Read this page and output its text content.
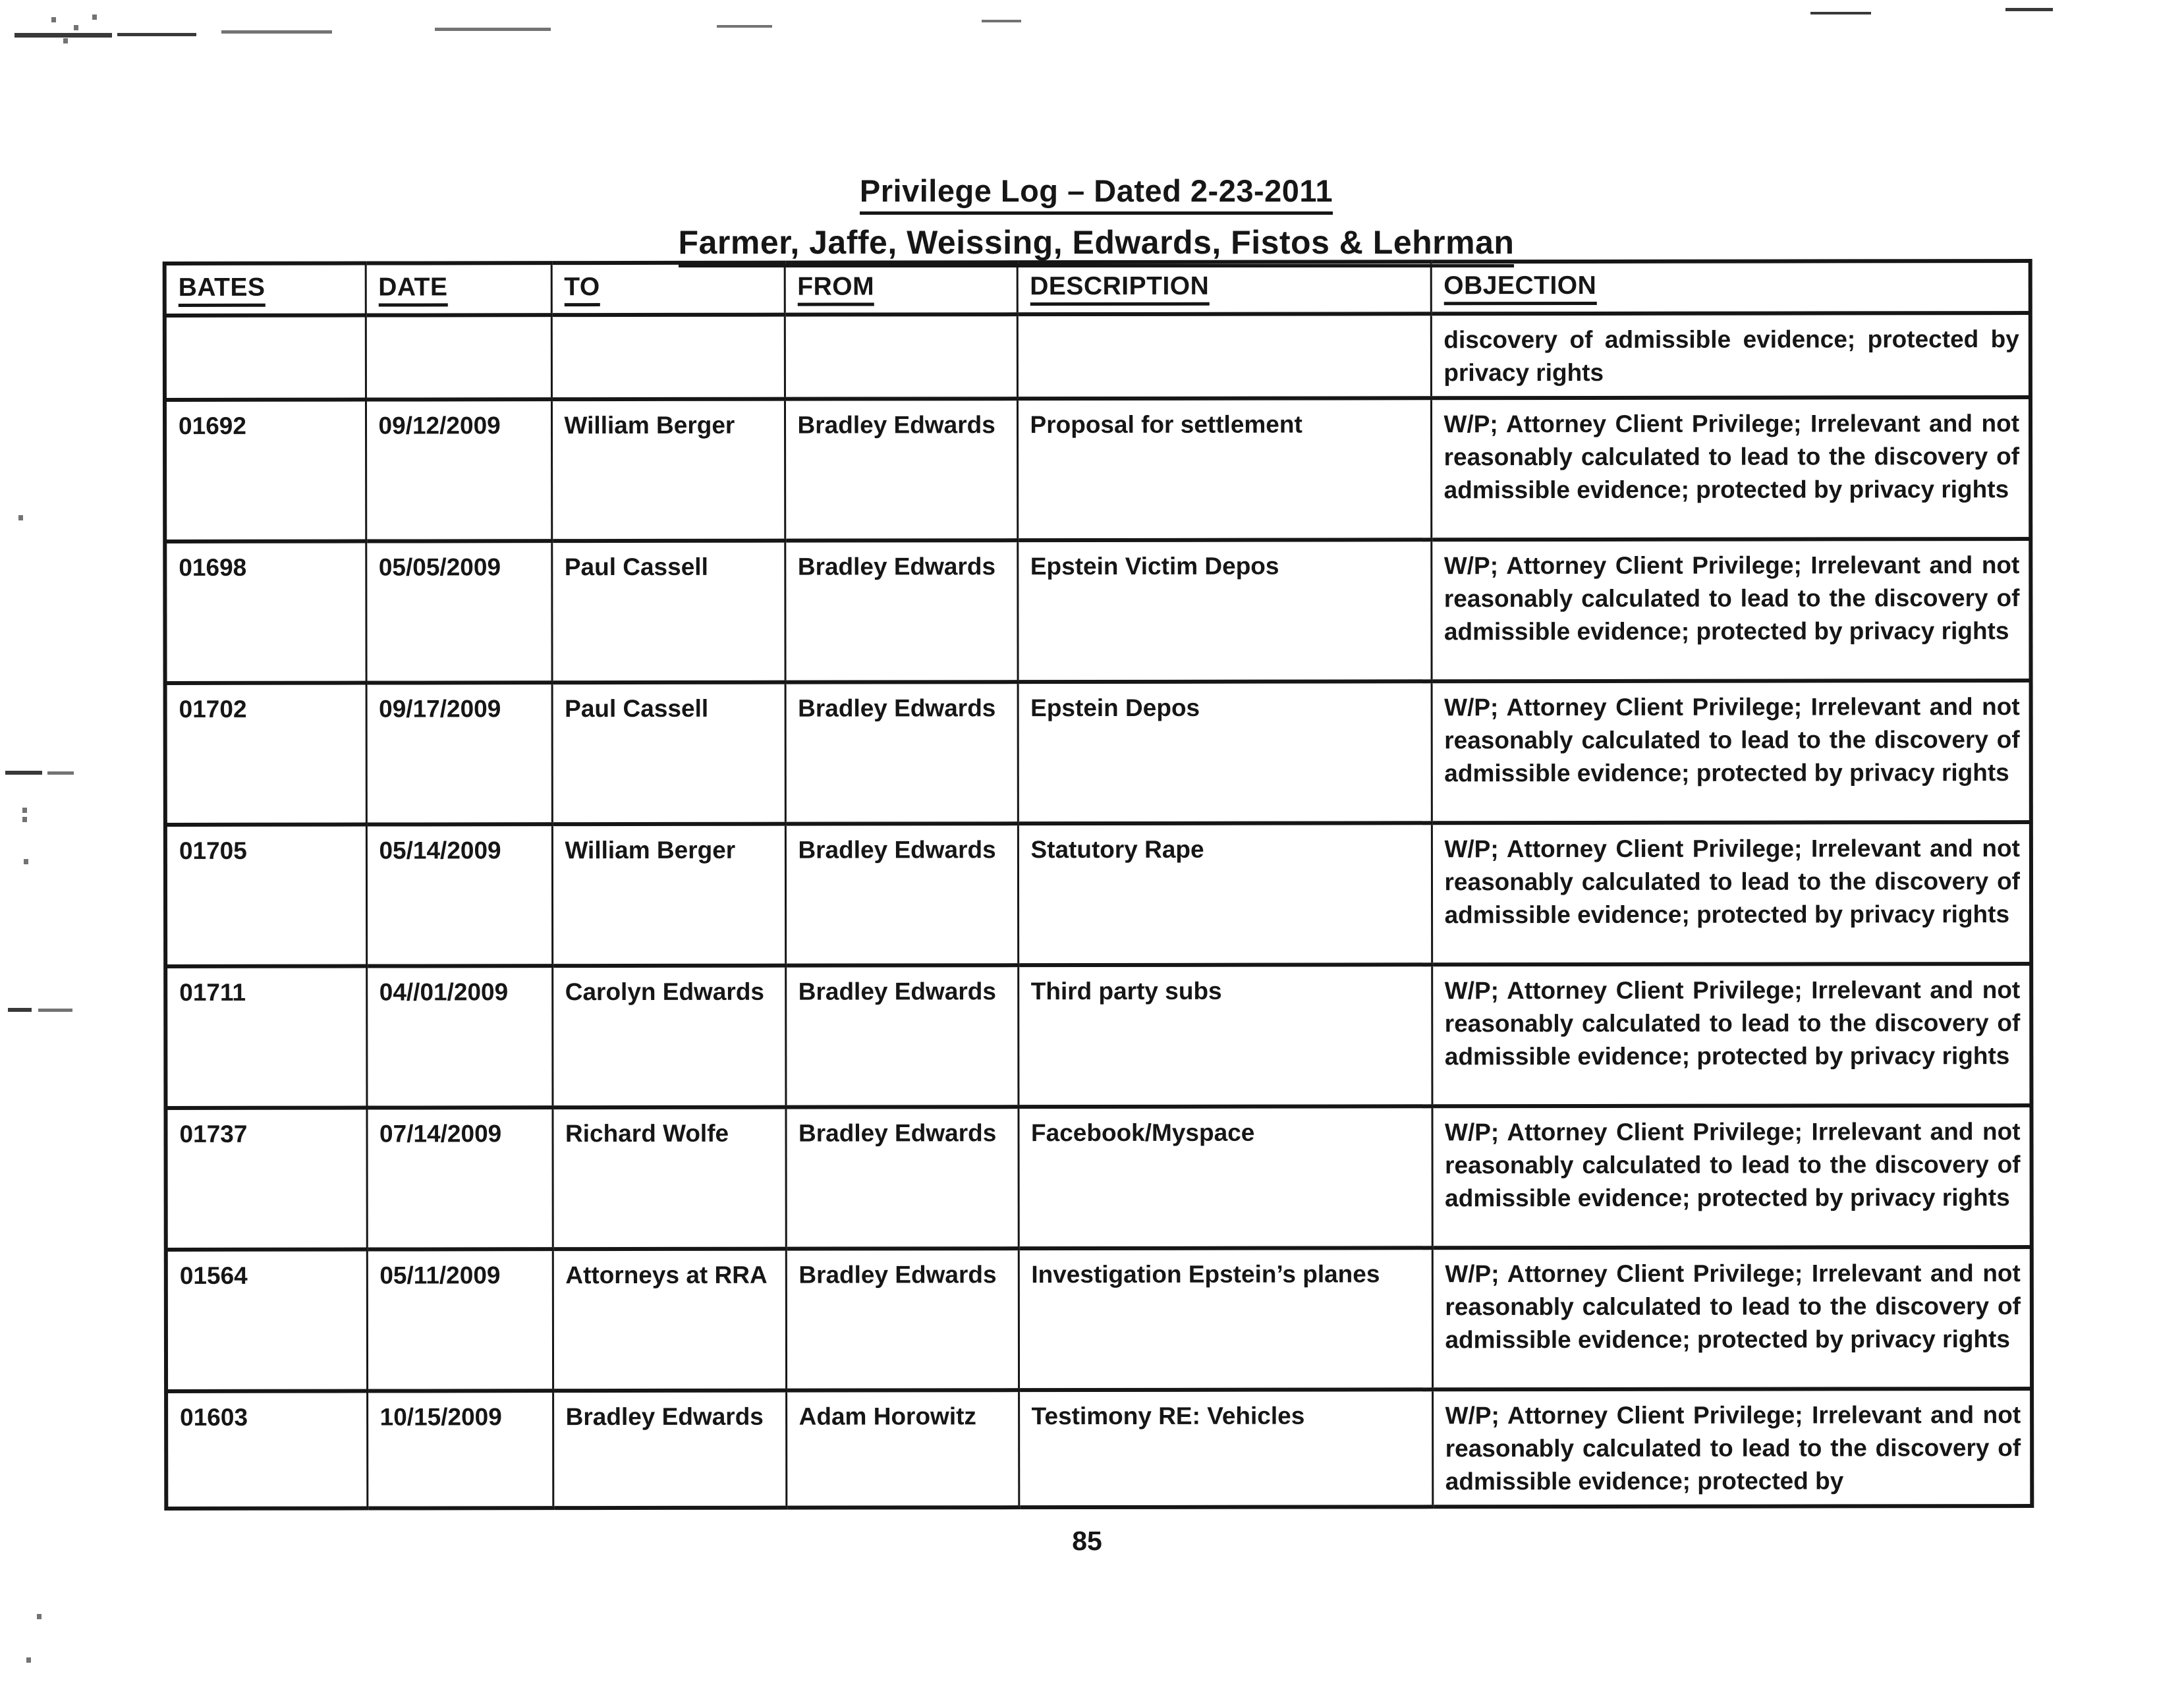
Privilege Log – Dated 2-23-2011
Farmer, Jaffe, Weissing, Edwards, Fistos & Lehrman
BATES	DATE	TO	FROM	DESCRIPTION	OBJECTION
					discovery of admissible evidence; protected by privacy rights
01692	09/12/2009	William Berger	Bradley Edwards	Proposal for settlement	W/P; Attorney Client Privilege; Irrelevant and not reasonably calculated to lead to the discovery of admissible evidence; protected by privacy rights
01698	05/05/2009	Paul Cassell	Bradley Edwards	Epstein Victim Depos	W/P; Attorney Client Privilege; Irrelevant and not reasonably calculated to lead to the discovery of admissible evidence; protected by privacy rights
01702	09/17/2009	Paul Cassell	Bradley Edwards	Epstein Depos	W/P; Attorney Client Privilege; Irrelevant and not reasonably calculated to lead to the discovery of admissible evidence; protected by privacy rights
01705	05/14/2009	William Berger	Bradley Edwards	Statutory Rape	W/P; Attorney Client Privilege; Irrelevant and not reasonably calculated to lead to the discovery of admissible evidence; protected by privacy rights
01711	04//01/2009	Carolyn Edwards	Bradley Edwards	Third party subs	W/P; Attorney Client Privilege; Irrelevant and not reasonably calculated to lead to the discovery of admissible evidence; protected by privacy rights
01737	07/14/2009	Richard Wolfe	Bradley Edwards	Facebook/Myspace	W/P; Attorney Client Privilege; Irrelevant and not reasonably calculated to lead to the discovery of admissible evidence; protected by privacy rights
01564	05/11/2009	Attorneys at RRA	Bradley Edwards	Investigation Epstein’s planes	W/P; Attorney Client Privilege; Irrelevant and not reasonably calculated to lead to the discovery of admissible evidence; protected by privacy rights
01603	10/15/2009	Bradley Edwards	Adam Horowitz	Testimony RE: Vehicles	W/P; Attorney Client Privilege; Irrelevant and not reasonably calculated to lead to the discovery of admissible evidence; protected by
85
